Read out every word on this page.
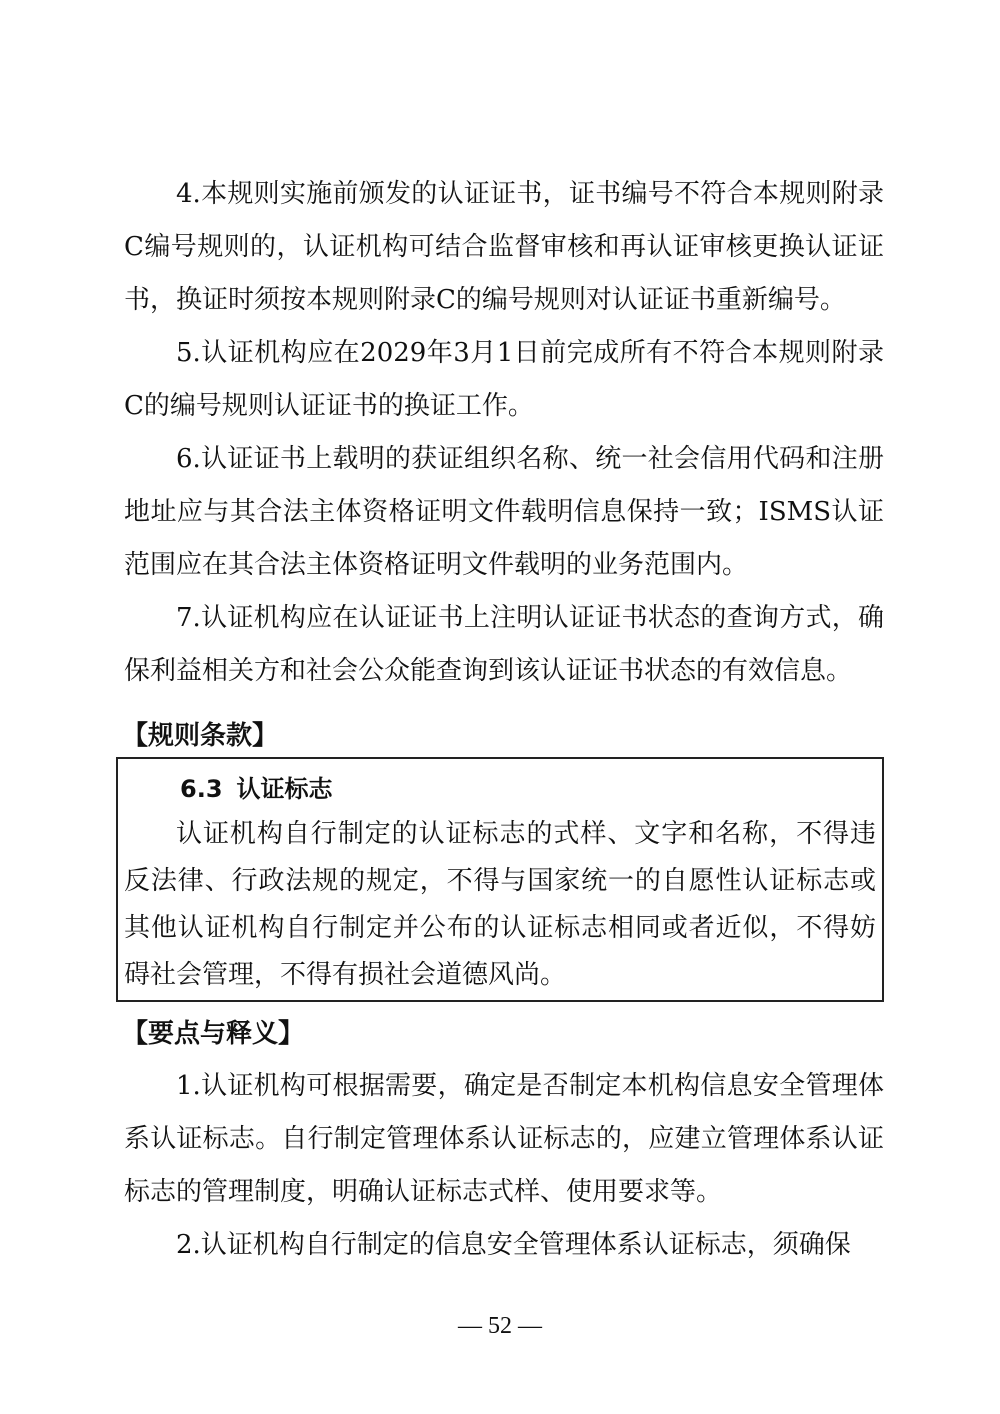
4.本规则实施前颁发的认证证书，证书编号不符合本规则附录C编号规则的，认证机构可结合监督审核和再认证审核更换认证证书，换证时须按本规则附录C的编号规则对认证证书重新编号。

5.认证机构应在2029年3月1日前完成所有不符合本规则附录C的编号规则认证证书的换证工作。

6.认证证书上载明的获证组织名称、统一社会信用代码和注册地址应与其合法主体资格证明文件载明信息保持一致；ISMS认证范围应在其合法主体资格证明文件载明的业务范围内。

7.认证机构应在认证证书上注明认证证书状态的查询方式，确保利益相关方和社会公众能查询到该认证证书状态的有效信息。

【规则条款】

6.3 认证标志

认证机构自行制定的认证标志的式样、文字和名称，不得违反法律、行政法规的规定，不得与国家统一的自愿性认证标志或其他认证机构自行制定并公布的认证标志相同或者近似，不得妨碍社会管理，不得有损社会道德风尚。

【要点与释义】

1.认证机构可根据需要，确定是否制定本机构信息安全管理体系认证标志。自行制定管理体系认证标志的，应建立管理体系认证标志的管理制度，明确认证标志式样、使用要求等。

2.认证机构自行制定的信息安全管理体系认证标志，须确保

— 52 —
